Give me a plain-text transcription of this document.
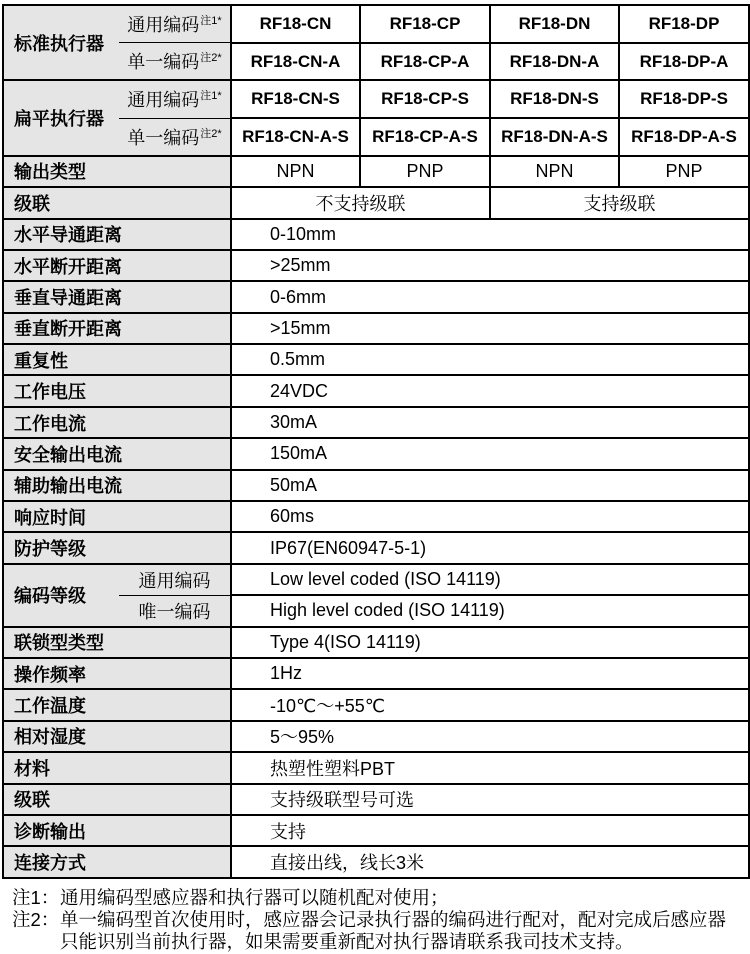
标准执行器	通用编码$^{注1*}$	RF18-CN	RF18-CP	RF18-DN	RF18-DP
	单一编码$^{注2*}$	RF18-CN-A	RF18-CP-A	RF18-DN-A	RF18-DP-A
扁平执行器	通用编码$^{注1*}$	RF18-CN-S	RF18-CP-S	RF18-DN-S	RF18-DP-S
	单一编码$^{注2*}$	RF18-CN-A-S	RF18-CP-A-S	RF18-DN-A-S	RF18-DP-A-S
输出类型		NPN	PNP	NPN	PNP
级联		不支持级联		支持级联	
水平导通距离		0-10mm			
水平断开距离		>25mm			
垂直导通距离		0-6mm			
垂直断开距离		>15mm			
重复性		0.5mm			
工作电压		24VDC			
工作电流		30mA			
安全输出电流		150mA			
辅助输出电流		50mA			
响应时间		60ms			
防护等级		IP67(EN60947-5-1)			
编码等级	通用编码	Low level coded (ISO 14119)			
	唯一编码	High level coded (ISO 14119)			
联锁型类型		Type 4(ISO 14119)			
操作频率		1Hz			
工作温度		-10℃～+55℃			
相对湿度		5～95%			
材料		热塑性塑料PBT			
级联		支持级联型号可选			
诊断输出		支持			
连接方式		直接出线，线长3米			
注1： 通用编码型感应器和执行器可以随机配对使用；
注2： 单一编码型首次使用时，感应器会记录执行器的编码进行配对，配对完成后感应器只能识别当前执行器，如果需要重新配对执行器请联系我司技术支持。
